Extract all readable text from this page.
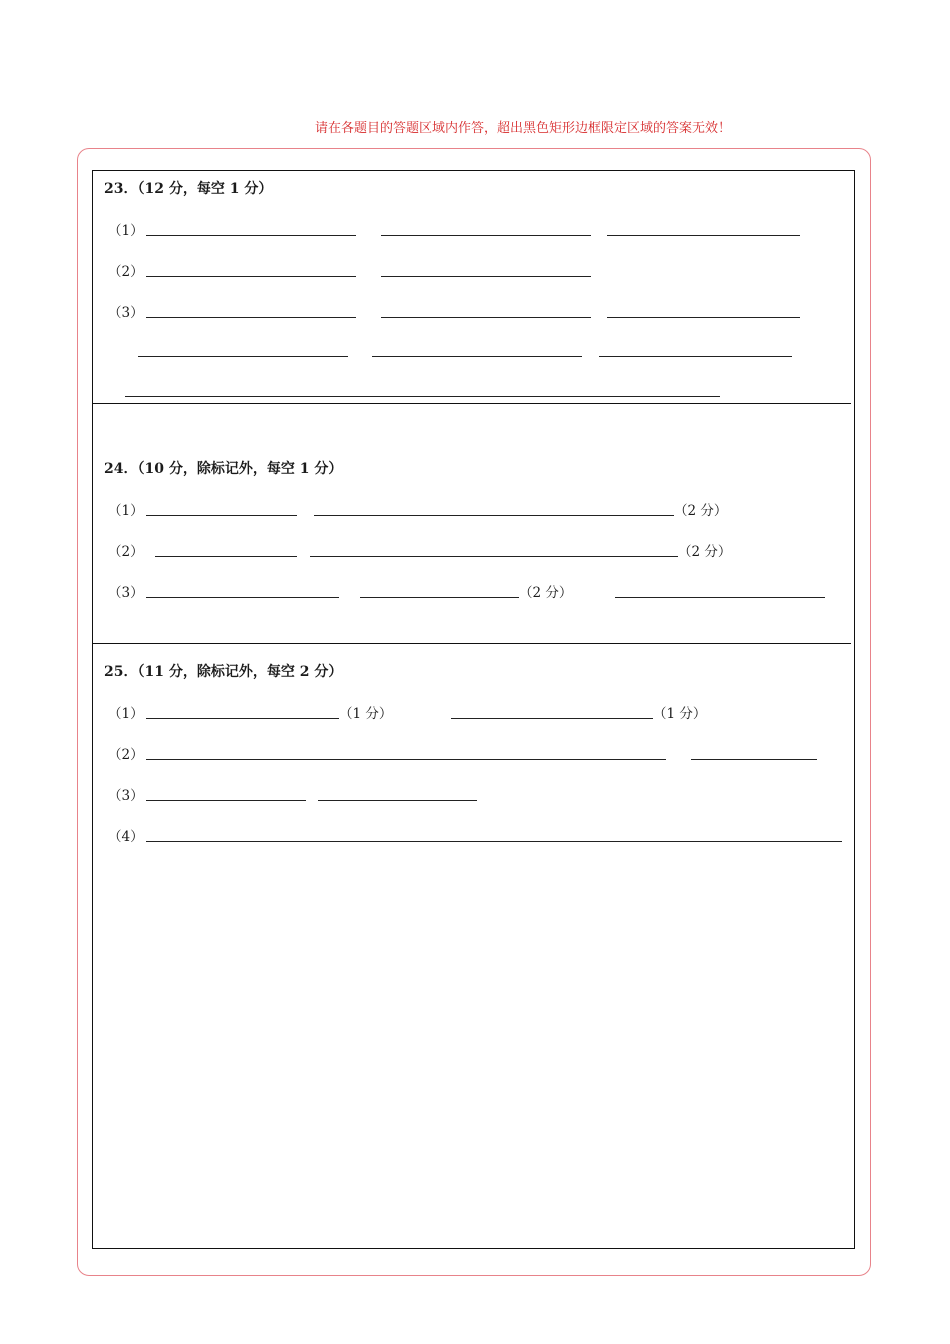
请在各题目的答题区域内作答，超出黑色矩形边框限定区域的答案无效！
23．（12 分，每空 1 分）
（1）
（2）
（3）
24．（10 分，除标记外，每空 1 分）
（1）	（2 分）
（2）	（2 分）
（3）	（2 分）
25．（11 分，除标记外，每空 2 分）
（1）	（1 分）	（1 分）
（2）
（3）
（4）
